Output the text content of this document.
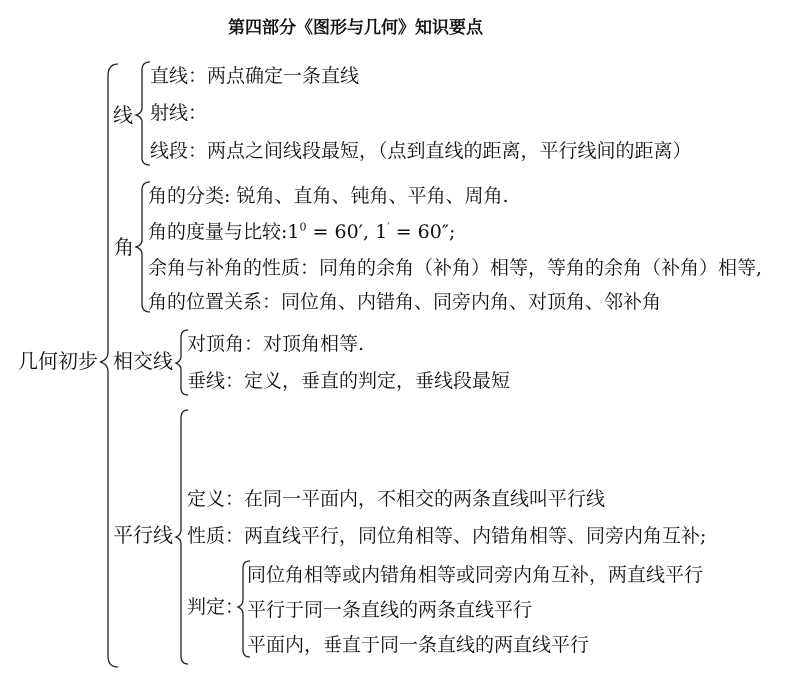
第四部分《图形与几何》知识要点
几何初步
线
直线：两点确定一条直线
射线：
线段：两点之间线段最短，（点到直线的距离，平行线间的距离）
角
角的分类: 锐角、直角、钝角、平角、周角.
角的度量与比较$:1^0 = 60'$, 1′ = 60″;
余角与补角的性质：同角的余角（补角）相等，等角的余角（补角）相等,
角的位置关系：同位角、内错角、同旁内角、对顶角、邻补角
相交线
对顶角：对顶角相等.
垂线：定义，垂直的判定，垂线段最短
平行线
定义：在同一平面内，不相交的两条直线叫平行线
性质：两直线平行，同位角相等、内错角相等、同旁内角互补;
判定：
同位角相等或内错角相等或同旁内角互补，两直线平行
平行于同一条直线的两条直线平行
平面内，垂直于同一条直线的两直线平行
